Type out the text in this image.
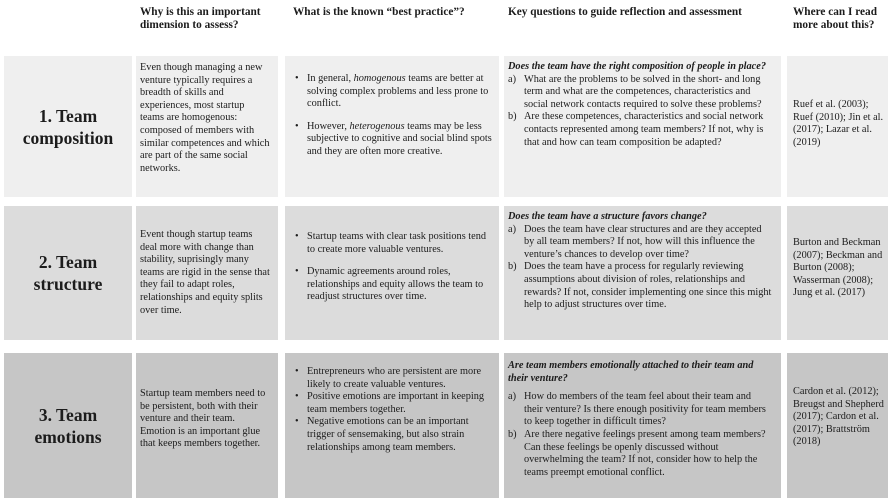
Why is this an important dimension to assess?
What is the known “best practice”?	Key questions to guide reflection and assessment	Where can I read more about this?
1. Team composition
Even though managing a new venture typically requires a breadth of skills and experiences, most startup teams are homogenous: composed of members with similar competences and which are part of the same social networks.
• In general, homogenous teams are better at solving complex problems and less prone to conflict.
• However, heterogenous teams may be less subjective to cognitive and social blind spots and they are often more creative.

Does the team have the right composition of people in place?

a) What are the problems to be solved in the short- and long term and what are the competences, characteristics and social network contacts required to solve these problems?
b) Are these competences, characteristics and social network contacts represented among team members? If not, why is that and how can team composition be adapted?
Ruef et al. (2003); Ruef (2010); Jin et al. (2017); Lazar et al. (2019)
2. Team structure
Event though startup teams deal more with change than stability, suprisingly many teams are rigid in the sense that they fail to adapt roles, relationships and equity splits over time.
• Startup teams with clear task positions tend to create more valuable ventures.
• Dynamic agreements around roles, relationships and equity allows the team to readjust structures over time.

Does the team have a structure favors change?

a) Does the team have clear structures and are they accepted by all team members? If not, how will this influence the venture’s chances to develop over time?
b) Does the team have a process for regularly reviewing assumptions about division of roles, relationships and rewards? If not, consider implementing one since this might help to adjust structures over time.
Burton and Beckman (2007); Beckman and Burton (2008); Wasserman (2008); Jung et al. (2017)
3. Team emotions
Startup team members need to be persistent, both with their venture and their team. Emotion is an important glue that keeps members together.
• Entrepreneurs who are persistent are more likely to create valuable ventures.
• Positive emotions are important in keeping team members together.
• Negative emotions can be an important trigger of sensemaking, but also strain relationships among team members.

Are team members emotionally attached to their team and their venture?

a) How do members of the team feel about their team and their venture? Is there enough positivity for team members to keep together in difficult times?
b) Are there negative feelings present among team members? Can these feelings be openly discussed without overwhelming the team? If not, consider how to help the teams preempt emotional conflict.
Cardon et al. (2012); Breugst and Shepherd (2017); Cardon et al. (2017); Brattström (2018)
